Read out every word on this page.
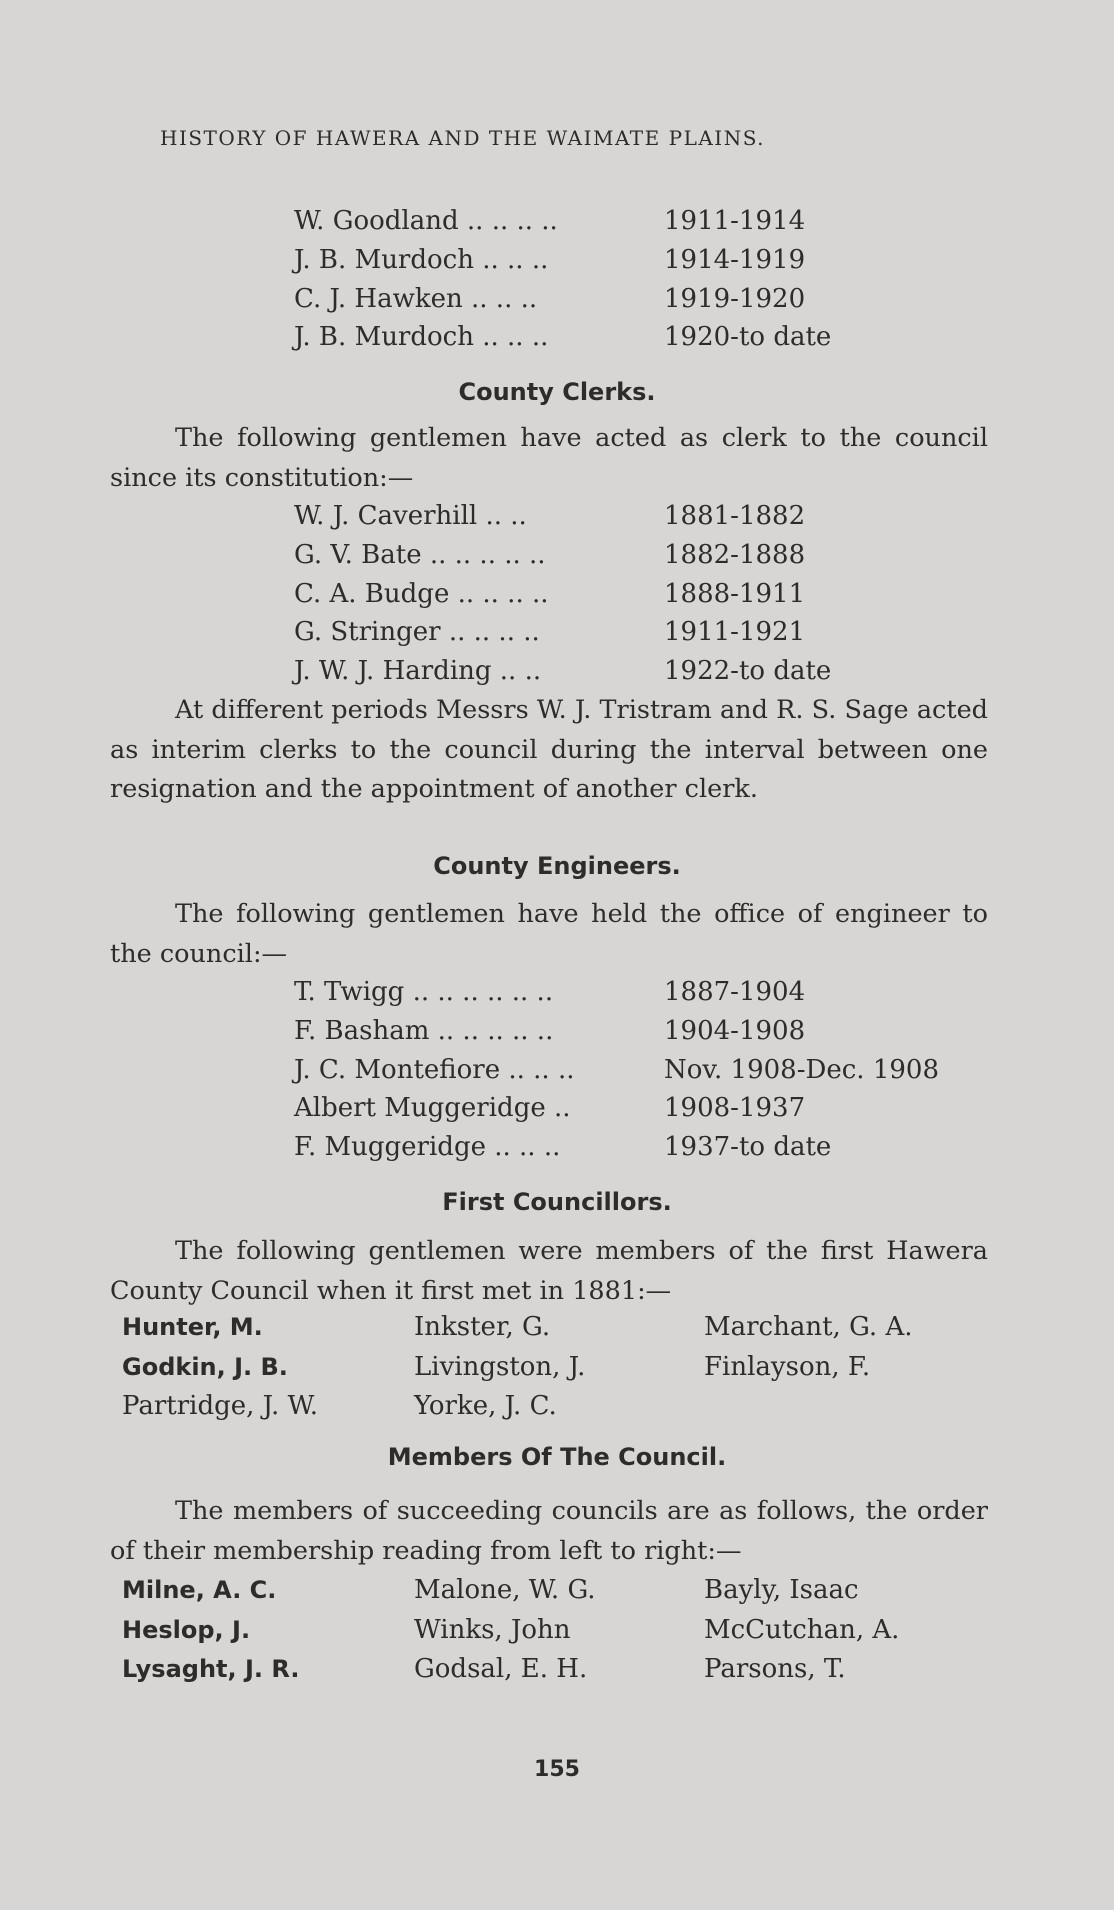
HISTORY OF HAWERA AND THE WAIMATE PLAINS.
W. Goodland .. .. .. ..	1911-1914
J. B. Murdoch .. .. ..	1914-1919
C. J. Hawken .. .. ..	1919-1920
J. B. Murdoch .. .. ..	1920-to date
County Clerks.
The following gentlemen have acted as clerk to the council since its constitution:—
W. J. Caverhill .. ..	1881-1882
G. V. Bate .. .. .. .. ..	1882-1888
C. A. Budge .. .. .. ..	1888-1911
G. Stringer .. .. .. ..	1911-1921
J. W. J. Harding .. ..	1922-to date
At different periods Messrs W. J. Tristram and R. S. Sage acted as interim clerks to the council during the interval between one resignation and the appointment of another clerk.
County Engineers.
The following gentlemen have held the office of engineer to the council:—
T. Twigg .. .. .. .. .. ..	1887-1904
F. Basham .. .. .. .. ..	1904-1908
J. C. Montefiore .. .. ..	Nov. 1908-Dec. 1908
Albert Muggeridge ..	1908-1937
F. Muggeridge .. .. ..	1937-to date
First Councillors.
The following gentlemen were members of the first Hawera County Council when it first met in 1881:—
Hunter, M.	Inkster, G.	Marchant, G. A.
Godkin, J. B.	Livingston, J.	Finlayson, F.
Partridge, J. W.	Yorke, J. C.
Members Of The Council.
The members of succeeding councils are as follows, the order of their membership reading from left to right:—
Milne, A. C.	Malone, W. G.	Bayly, Isaac
Heslop, J.	Winks, John	McCutchan, A.
Lysaght, J. R.	Godsal, E. H.	Parsons, T.
155
